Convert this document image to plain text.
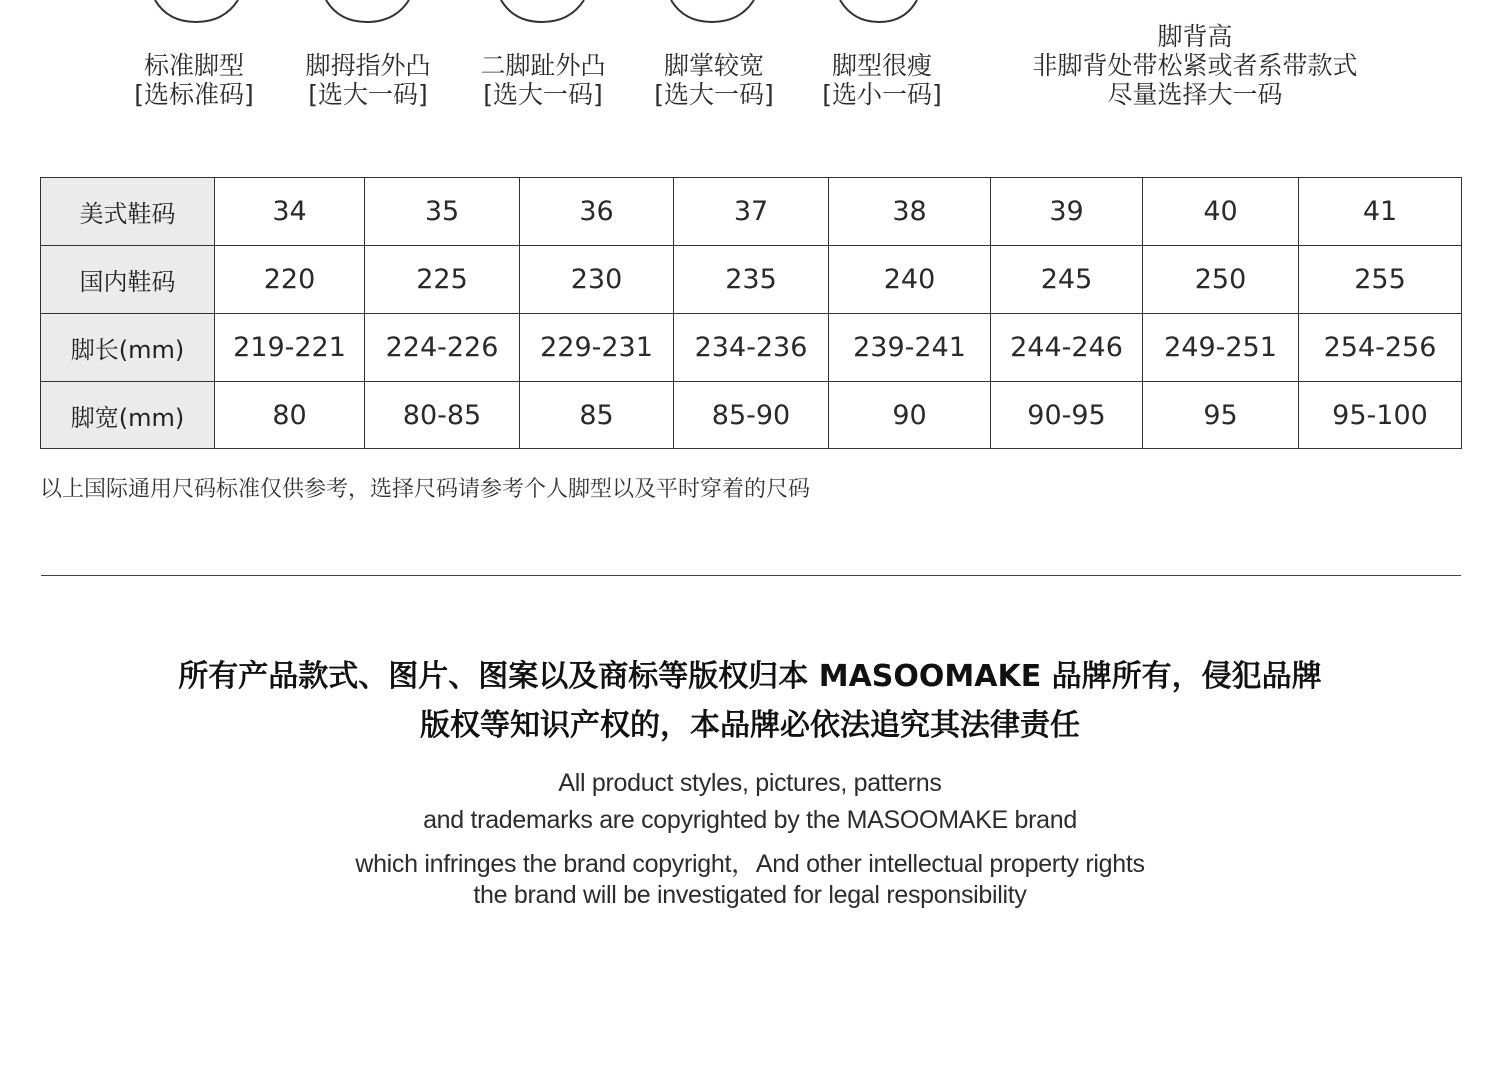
标准脚型
[选标准码]
脚拇指外凸
[选大一码]
二脚趾外凸
[选大一码]
脚掌较宽
[选大一码]
脚型很瘦
[选小一码]
脚背高
非脚背处带松紧或者系带款式
尽量选择大一码
美式鞋码	34	35	36	37	38	39	40	41
国内鞋码	220	225	230	235	240	245	250	255
脚长(mm)	219-221	224-226	229-231	234-236	239-241	244-246	249-251	254-256
脚宽(mm)	80	80-85	85	85-90	90	90-95	95	95-100
以上国际通用尺码标准仅供参考，选择尺码请参考个人脚型以及平时穿着的尺码
所有产品款式、图片、图案以及商标等版权归本 MASOOMAKE 品牌所有，侵犯品牌
版权等知识产权的，本品牌必依法追究其法律责任
All product styles, pictures, patterns
and trademarks are copyrighted by the MASOOMAKE brand
which infringes the brand copyright，And other intellectual property rights
the brand will be investigated for legal responsibility
